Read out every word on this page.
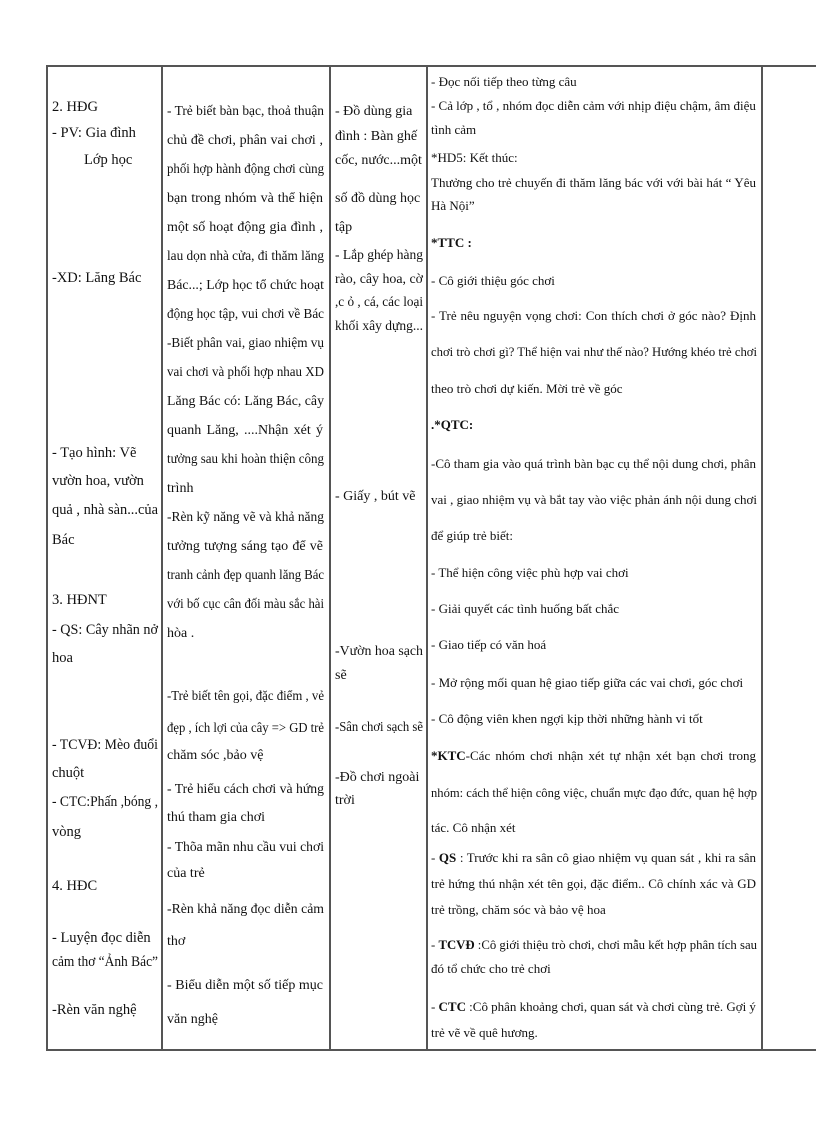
2. HĐG
- PV: Gia đình
Lớp học
-XD: Lăng Bác
- Tạo hình: Vẽ
vườn hoa, vườn
quả , nhà sàn...của
Bác
3. HĐNT
- QS: Cây nhãn nở
hoa
- TCVĐ: Mèo đuổi
chuột
- CTC:Phấn ,bóng ,
vòng
4. HĐC
- Luyện đọc diễn
cảm thơ “Ảnh Bác”
-Rèn văn nghệ
- Trẻ biết bàn bạc, thoả thuận
chủ đề chơi, phân vai chơi ,
phối hợp hành động chơi cùng
bạn trong nhóm và thể hiện
một số hoạt động gia đình ,
lau dọn nhà cửa, đi thăm lăng
Bác...; Lớp học tổ chức hoạt
động học tập, vui chơi về Bác
-Biết phân vai, giao nhiệm vụ
vai chơi và phối hợp nhau XD
Lăng Bác có: Lăng Bác, cây
quanh Lăng, ....Nhận xét ý
tưởng sau khi hoàn thiện công
trình
-Rèn kỹ năng vẽ và khả năng
tưởng tượng sáng tạo để vẽ
tranh cảnh đẹp quanh lăng Bác
với bố cục cân đối màu sắc hài
hòa .
-Trẻ biết tên gọi, đặc điểm , vẻ
đẹp , ích lợi của cây => GD trẻ
chăm sóc ,bảo vệ
- Trẻ hiểu cách chơi và hứng
thú tham gia chơi
- Thõa mãn nhu cầu vui chơi
của trẻ
-Rèn khả năng đọc diễn cảm
thơ
- Biểu diễn một số tiếp mục
văn nghệ
- Đồ dùng gia
đình : Bàn ghế
cốc, nước...một
số đồ dùng học
tập
- Lắp ghép hàng
rào, cây hoa, cờ
,c ỏ , cá, các loại
khối xây dựng...
- Giấy , bút vẽ
-Vườn hoa sạch
sẽ
-Sân chơi sạch sẽ
-Đồ chơi ngoài
trời
- Đọc nối tiếp theo từng câu
- Cả lớp , tổ , nhóm đọc diễn cảm với nhịp điệu chậm, âm điệu
tình cảm
*HD5: Kết thúc:
Thưởng cho trẻ chuyến đi thăm lăng bác với với bài hát “ Yêu
Hà Nội”
*TTC :
- Cô giới thiệu góc chơi
- Trẻ nêu nguyện vọng chơi: Con thích chơi ở góc nào? Định
chơi trò chơi gì? Thể hiện vai như thế nào? Hướng khéo trẻ chơi
theo trò chơi dự kiến. Mời trẻ về góc
.*QTC:
-Cô tham gia vào quá trình bàn bạc cụ thể nội dung chơi, phân
vai , giao nhiệm vụ và bắt tay vào việc phản ánh nội dung chơi
để giúp trẻ biết:
- Thể hiện công việc phù hợp vai chơi
- Giải quyết các tình huống bất chắc
- Giao tiếp có văn hoá
- Mở rộng mối quan hệ giao tiếp giữa các vai chơi, góc chơi
- Cô động viên khen ngợi kịp thời những hành vi tốt
*KTC-Các nhóm chơi nhận xét tự nhận xét bạn chơi trong
nhóm: cách thể hiện công việc, chuẩn mực đạo đức, quan hệ hợp
tác. Cô nhận xét
- QS : Trước khi ra sân cô giao nhiệm vụ quan sát , khi ra sân
trẻ hứng thú nhận xét tên gọi, đặc điểm.. Cô chính xác và GD
trẻ trồng, chăm sóc và bảo vệ hoa
- TCVĐ :Cô giới thiệu trò chơi, chơi mẫu kết hợp phân tích sau
đó tổ chức cho trẻ chơi
- CTC :Cô phân khoảng chơi, quan sát và chơi cùng trẻ. Gợi ý
trẻ vẽ về quê hương.
